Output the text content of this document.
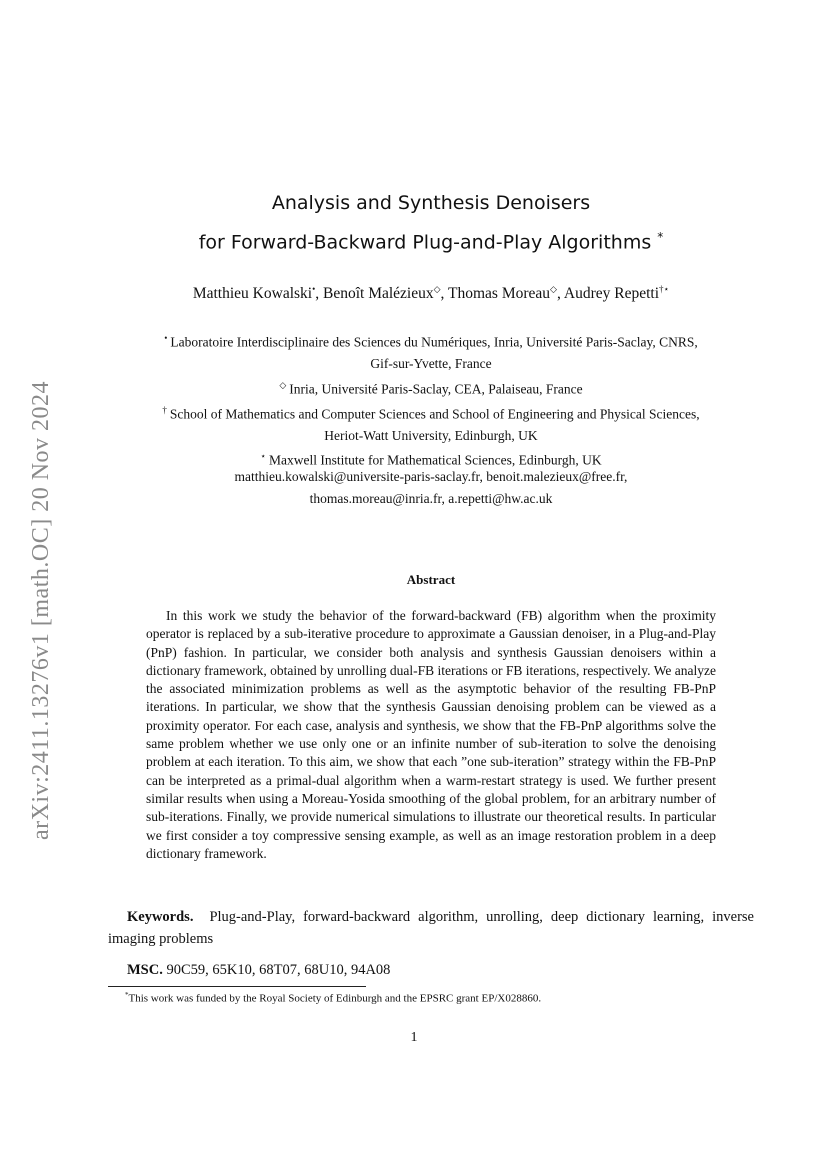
arXiv:2411.13276v1 [math.OC] 20 Nov 2024
Analysis and Synthesis Denoisers
for Forward-Backward Plug-and-Play Algorithms *
Matthieu Kowalski•, Benoît Malézieux◇, Thomas Moreau◇, Audrey Repetti†⋆
• Laboratoire Interdisciplinaire des Sciences du Numériques, Inria, Université Paris-Saclay, CNRS,
Gif-sur-Yvette, France
◇ Inria, Université Paris-Saclay, CEA, Palaiseau, France
† School of Mathematics and Computer Sciences and School of Engineering and Physical Sciences,
Heriot-Watt University, Edinburgh, UK
⋆ Maxwell Institute for Mathematical Sciences, Edinburgh, UK
matthieu.kowalski@universite-paris-saclay.fr, benoit.malezieux@free.fr,
thomas.moreau@inria.fr, a.repetti@hw.ac.uk
Abstract
In this work we study the behavior of the forward-backward (FB) algorithm when the proximity operator is replaced by a sub-iterative procedure to approximate a Gaussian denoiser, in a Plug-and-Play (PnP) fashion. In particular, we consider both analysis and synthesis Gaussian denoisers within a dictionary framework, obtained by unrolling dual-FB iterations or FB iterations, respectively. We analyze the associated minimization problems as well as the asymptotic behavior of the resulting FB-PnP iterations. In particular, we show that the synthesis Gaussian denoising problem can be viewed as a proximity operator. For each case, analysis and synthesis, we show that the FB-PnP algorithms solve the same problem whether we use only one or an infinite number of sub-iteration to solve the denoising problem at each iteration. To this aim, we show that each ”one sub-iteration” strategy within the FB-PnP can be interpreted as a primal-dual algorithm when a warm-restart strategy is used. We further present similar results when using a Moreau-Yosida smoothing of the global problem, for an arbitrary number of sub-iterations. Finally, we provide numerical simulations to illustrate our theoretical results. In particular we first consider a toy compressive sensing example, as well as an image restoration problem in a deep dictionary framework.
Keywords. Plug-and-Play, forward-backward algorithm, unrolling, deep dictionary learning, inverse imaging problems
MSC. 90C59, 65K10, 68T07, 68U10, 94A08
*This work was funded by the Royal Society of Edinburgh and the EPSRC grant EP/X028860.
1
